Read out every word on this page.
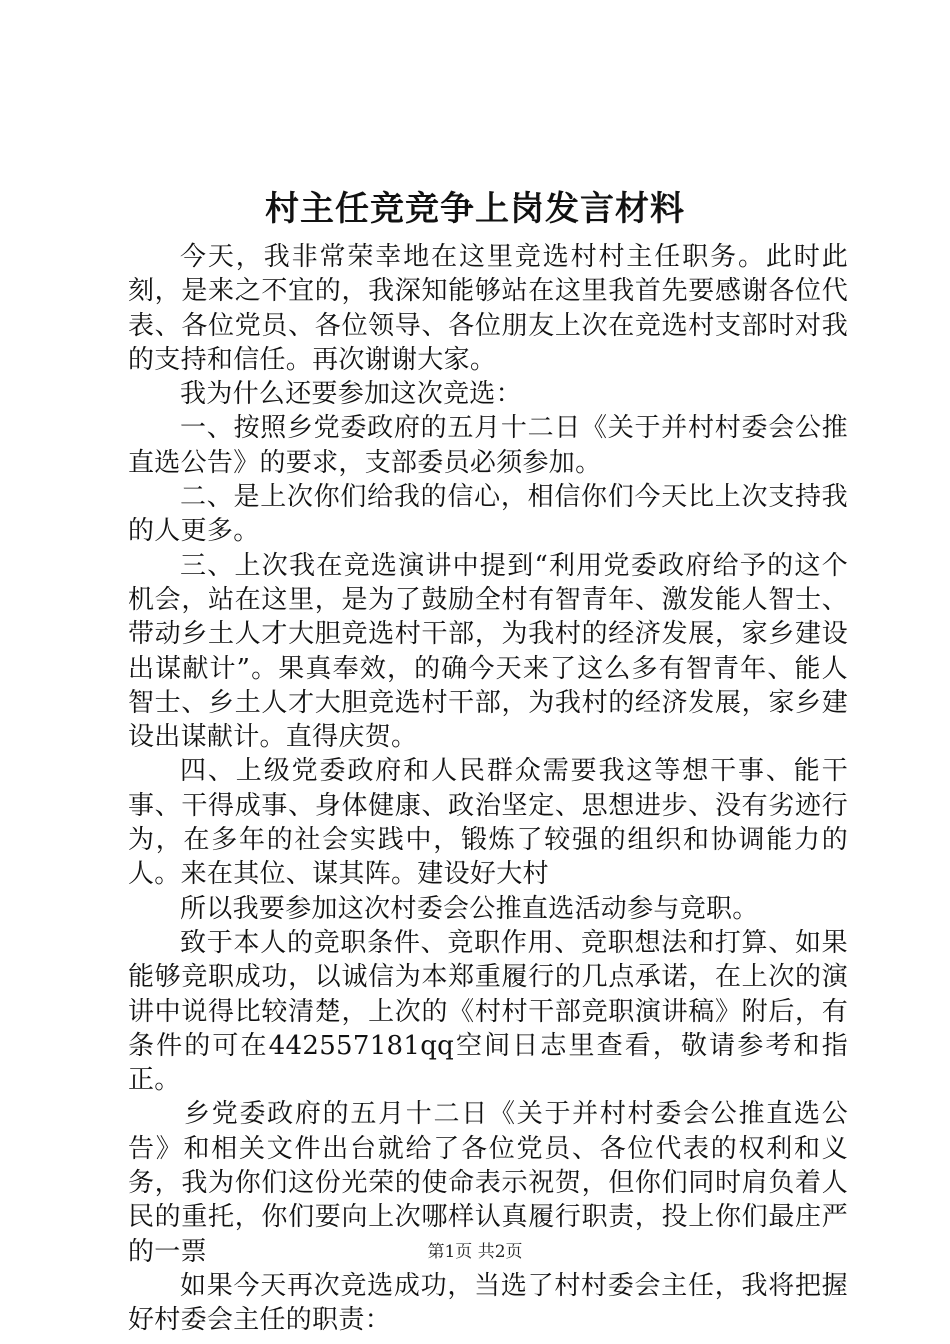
村主任竞竞争上岗发言材料

今天，我非常荣幸地在这里竞选村村主任职务。此时此刻，是来之不宜的，我深知能够站在这里我首先要感谢各位代表、各位党员、各位领导、各位朋友上次在竞选村支部时对我的支持和信任。再次谢谢大家。

我为什么还要参加这次竞选：

一、按照乡党委政府的五月十二日《关于并村村委会公推直选公告》的要求，支部委员必须参加。

二、是上次你们给我的信心，相信你们今天比上次支持我的人更多。

三、上次我在竞选演讲中提到“利用党委政府给予的这个机会，站在这里，是为了鼓励全村有智青年、激发能人智士、带动乡土人才大胆竞选村干部，为我村的经济发展，家乡建设出谋献计”。果真奉效，的确今天来了这么多有智青年、能人智士、乡土人才大胆竞选村干部，为我村的经济发展，家乡建设出谋献计。直得庆贺。

四、上级党委政府和人民群众需要我这等想干事、能干事、干得成事、身体健康、政治坚定、思想进步、没有劣迹行为，在多年的社会实践中，锻炼了较强的组织和协调能力的人。来在其位、谋其阵。建设好大村

所以我要参加这次村委会公推直选活动参与竞职。

致于本人的竞职条件、竞职作用、竞职想法和打算、如果能够竞职成功，以诚信为本郑重履行的几点承诺，在上次的演讲中说得比较清楚，上次的《村村干部竞职演讲稿》附后，有条件的可在442557181qq空间日志里查看，敬请参考和指正。

乡党委政府的五月十二日《关于并村村委会公推直选公告》和相关文件出台就给了各位党员、各位代表的权利和义务，我为你们这份光荣的使命表示祝贺，但你们同时肩负着人民的重托，你们要向上次哪样认真履行职责，投上你们最庄严的一票

如果今天再次竞选成功，当选了村村委会主任，我将把握好村委会主任的职责：

第1页 共2页
